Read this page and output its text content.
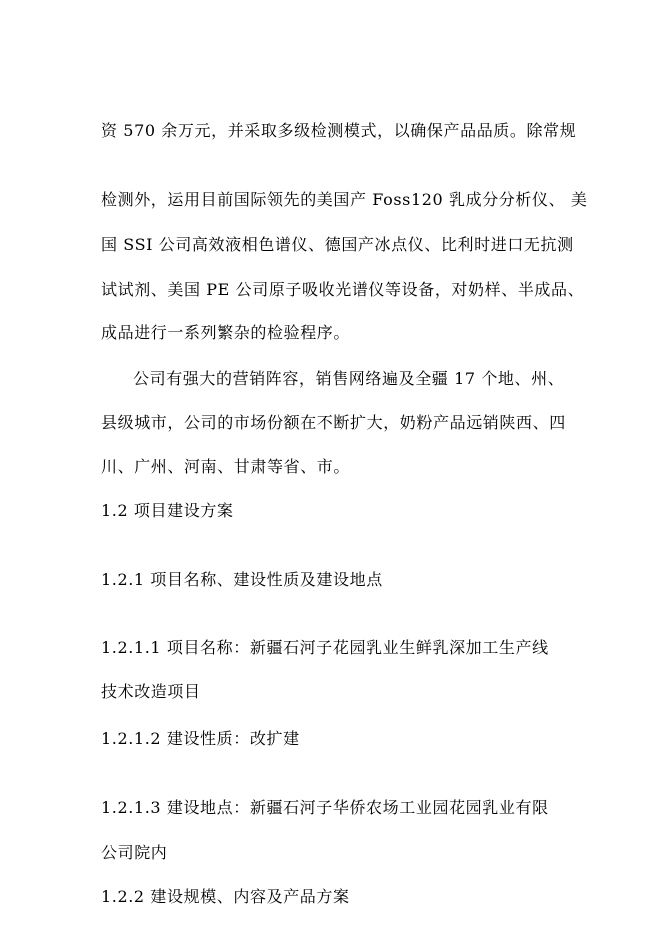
资 570 余万元，并采取多级检测模式，以确保产品品质。除常规
检测外，运用目前国际领先的美国产 Foss120 乳成分分析仪、 美
国 SSI 公司高效液相色谱仪、德国产冰点仪、比利时进口无抗测
试试剂、美国 PE 公司原子吸收光谱仪等设备，对奶样、半成品、
成品进行一系列繁杂的检验程序。
公司有强大的营销阵容，销售网络遍及全疆 17 个地、州、
县级城市，公司的市场份额在不断扩大，奶粉产品远销陕西、四
川、广州、河南、甘肃等省、市。
1.2 项目建设方案
1.2.1 项目名称、建设性质及建设地点
1.2.1.1 项目名称：新疆石河子花园乳业生鲜乳深加工生产线
技术改造项目
1.2.1.2 建设性质：改扩建
1.2.1.3 建设地点：新疆石河子华侨农场工业园花园乳业有限
公司院内
1.2.2 建设规模、内容及产品方案
